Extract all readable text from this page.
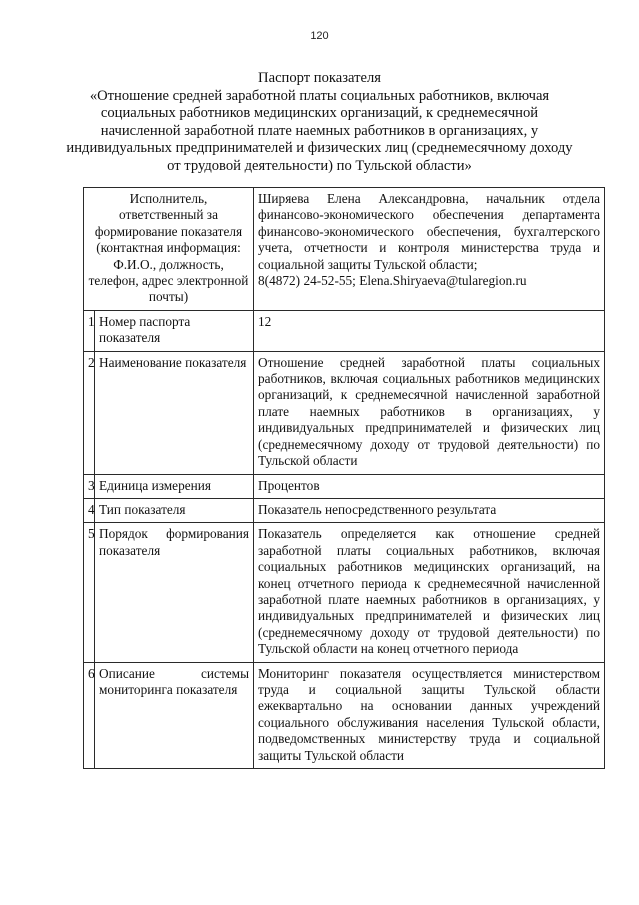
120
Паспорт показателя
«Отношение средней заработной платы социальных работников, включая социальных работников медицинских организаций, к среднемесячной начисленной заработной плате наемных работников в организациях, у индивидуальных предпринимателей и физических лиц (среднемесячному доходу от трудовой деятельности) по Тульской области»
Исполнитель, ответственный за формирование показателя (контактная информация: Ф.И.О., должность, телефон, адрес электронной почты)		Ширяева Елена Александровна, начальник отдела финансово-экономического обеспечения департамента финансово-экономического обеспечения, бухгалтерского учета, отчетности и контроля министерства труда и социальной защиты Тульской области;
8(4872) 24-52-55; Elena.Shiryaeva@tularegion.ru

1	Номер паспорта показателя	12
2	Наименование показателя	Отношение средней заработной платы социальных работников, включая социальных работников медицинских организаций, к среднемесячной начисленной заработной плате наемных работников в организациях, у индивидуальных предпринимателей и физических лиц (среднемесячному доходу от трудовой деятельности) по Тульской области
3	Единица измерения	Процентов
4	Тип показателя	Показатель непосредственного результата
5	Порядок формирования показателя	Показатель определяется как отношение средней заработной платы социальных работников, включая социальных работников медицинских организаций, на конец отчетного периода к среднемесячной начисленной заработной плате наемных работников в организациях, у индивидуальных предпринимателей и физических лиц (среднемесячному доходу от трудовой деятельности) по Тульской области на конец отчетного периода
6	Описание системы мониторинга показателя	Мониторинг показателя осуществляется министерством труда и социальной защиты Тульской области ежеквартально на основании данных учреждений социального обслуживания населения Тульской области, подведомственных министерству труда и социальной защиты Тульской области
